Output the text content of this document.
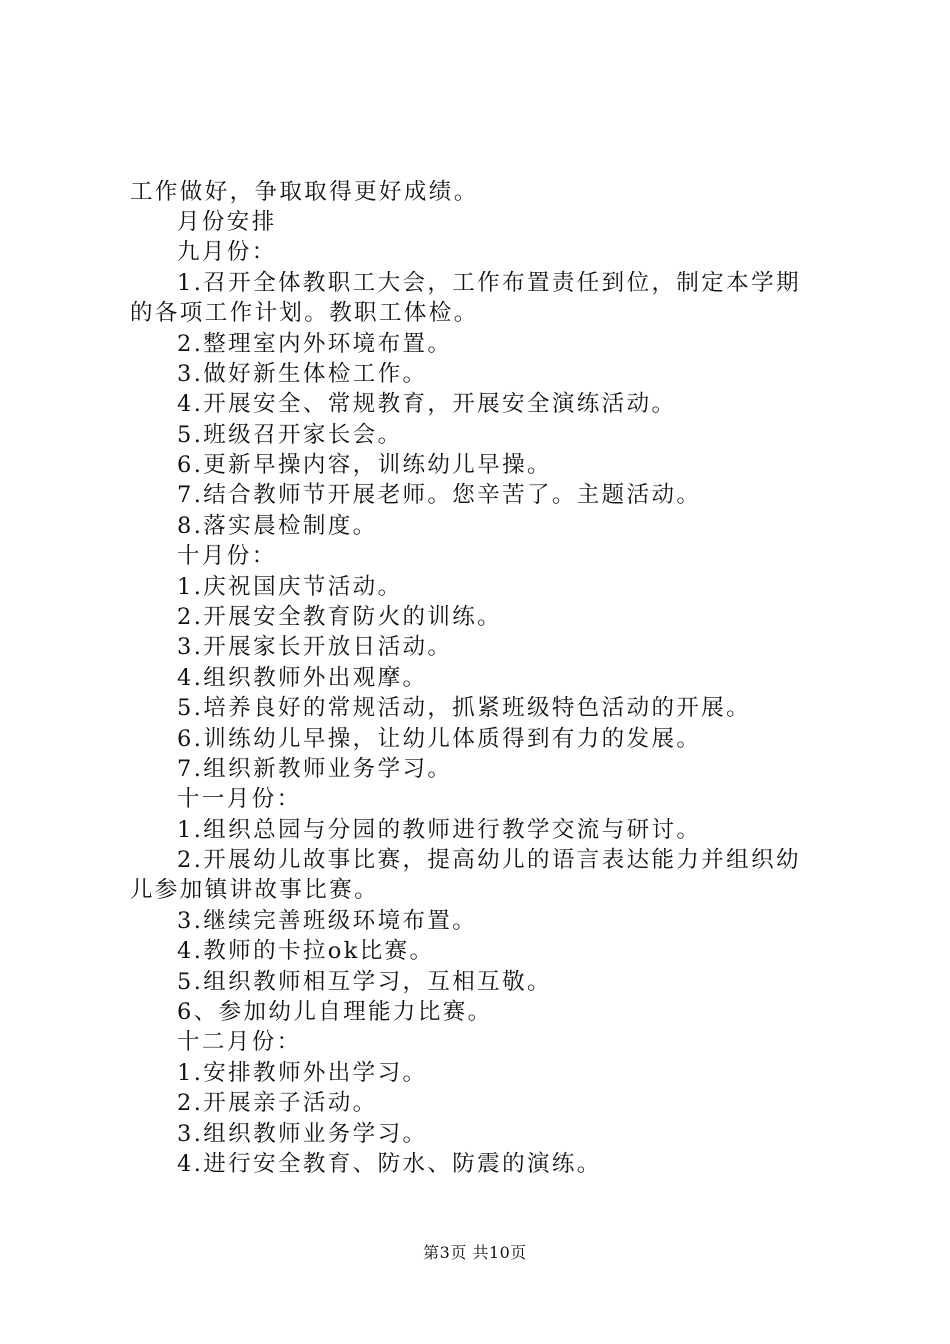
工作做好，争取取得更好成绩。
月份安排
九月份：
1.召开全体教职工大会，工作布置责任到位，制定本学期
的各项工作计划。教职工体检。
2.整理室内外环境布置。
3.做好新生体检工作。
4.开展安全、常规教育，开展安全演练活动。
5.班级召开家长会。
6.更新早操内容，训练幼儿早操。
7.结合教师节开展老师。您辛苦了。主题活动。
8.落实晨检制度。
十月份：
1.庆祝国庆节活动。
2.开展安全教育防火的训练。
3.开展家长开放日活动。
4.组织教师外出观摩。
5.培养良好的常规活动，抓紧班级特色活动的开展。
6.训练幼儿早操，让幼儿体质得到有力的发展。
7.组织新教师业务学习。
十一月份：
1.组织总园与分园的教师进行教学交流与研讨。
2.开展幼儿故事比赛，提高幼儿的语言表达能力并组织幼
儿参加镇讲故事比赛。
3.继续完善班级环境布置。
4.教师的卡拉ok比赛。
5.组织教师相互学习，互相互敬。
6、参加幼儿自理能力比赛。
十二月份：
1.安排教师外出学习。
2.开展亲子活动。
3.组织教师业务学习。
4.进行安全教育、防水、防震的演练。
第3页 共10页
